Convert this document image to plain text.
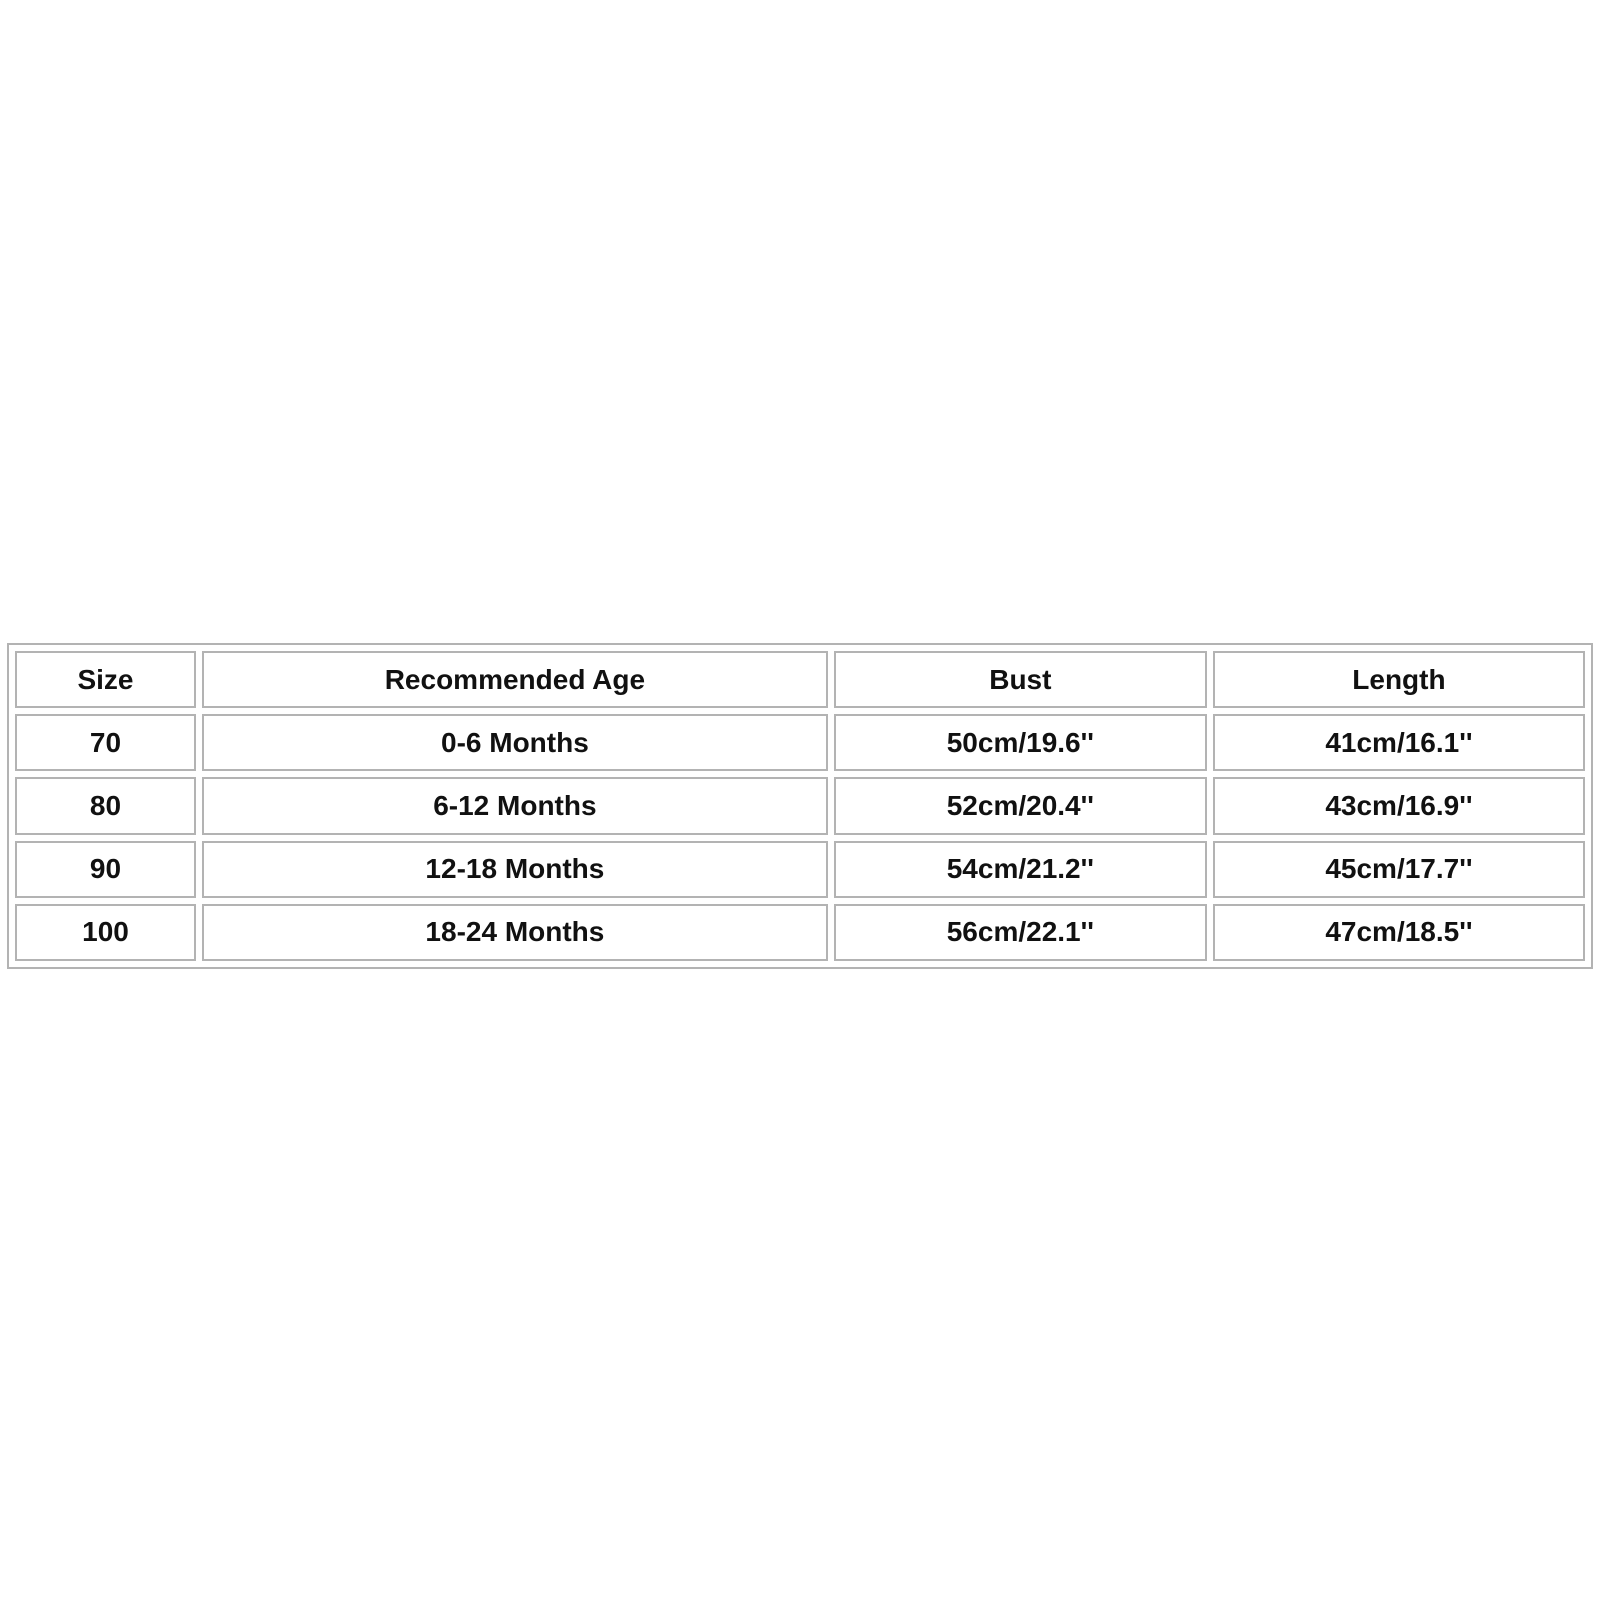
Size	Recommended Age	Bust	Length
70	0-6 Months	50cm/19.6''	41cm/16.1''
80	6-12 Months	52cm/20.4''	43cm/16.9''
90	12-18 Months	54cm/21.2''	45cm/17.7''
100	18-24 Months	56cm/22.1''	47cm/18.5''
